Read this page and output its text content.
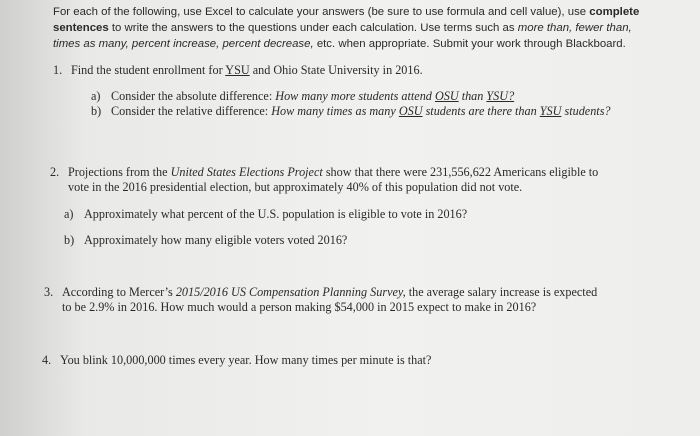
For each of the following, use Excel to calculate your answers (be sure to use formula and cell value), use complete
sentences to write the answers to the questions under each calculation. Use terms such as more than, fewer than,
times as many, percent increase, percent decrease, etc. when appropriate. Submit your work through Blackboard.
1. Find the student enrollment for YSU and Ohio State University in 2016.
a) Consider the absolute difference: How many more students attend OSU than YSU?
b) Consider the relative difference: How many times as many OSU students are there than YSU students?
2. Projections from the United States Elections Project show that there were 231,556,622 Americans eligible to
vote in the 2016 presidential election, but approximately 40% of this population did not vote.
a) Approximately what percent of the U.S. population is eligible to vote in 2016?
b) Approximately how many eligible voters voted 2016?
3. According to Mercer’s 2015/2016 US Compensation Planning Survey, the average salary increase is expected
to be 2.9% in 2016. How much would a person making $54,000 in 2015 expect to make in 2016?
4. You blink 10,000,000 times every year. How many times per minute is that?
